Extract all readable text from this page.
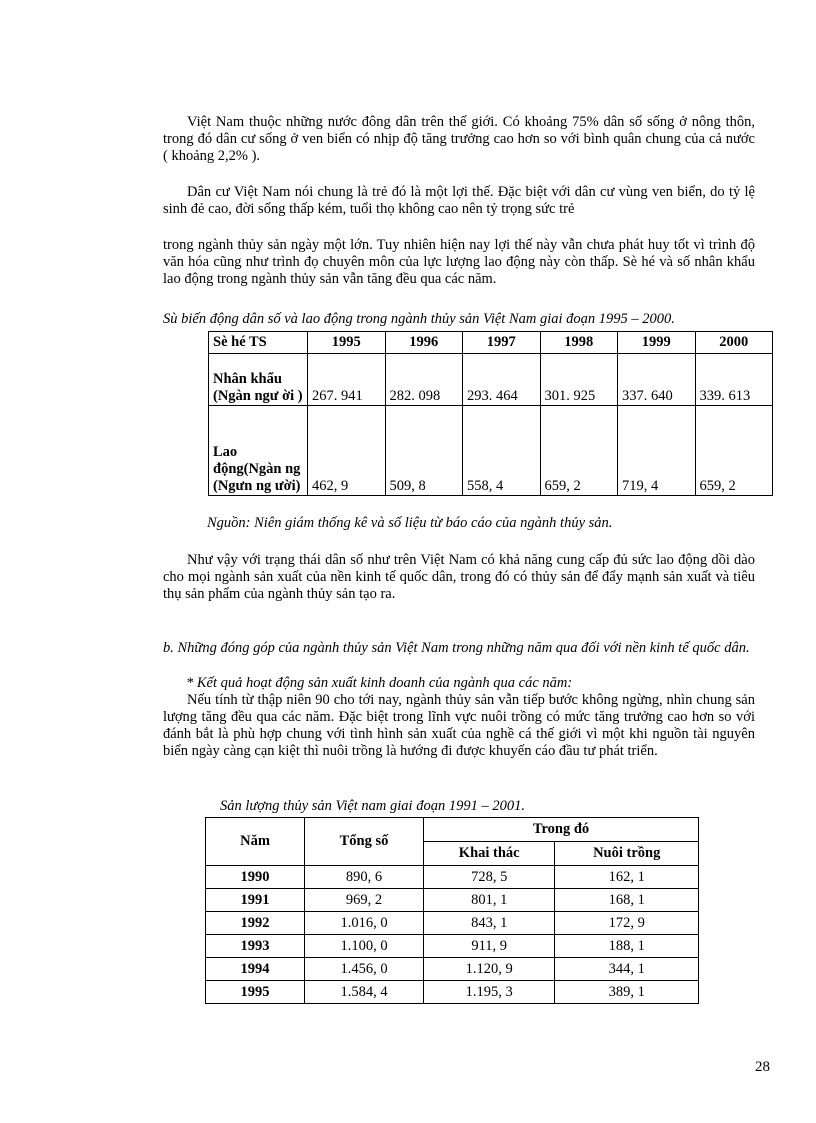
Việt Nam thuộc những nước đông dân trên thế giới. Có khoảng 75% dân số sống ở nông thôn, trong đó dân cư sống ở ven biển có nhịp độ tăng trưởng cao hơn so với bình quân chung của cả nước ( khoảng 2,2% ).
Dân cư Việt Nam nói chung là trẻ đó là một lợi thế. Đặc biệt với dân cư vùng ven biển, do tỷ lệ sinh đẻ cao, đời sống thấp kém, tuổi thọ không cao nên tỷ trọng sức trẻ
trong ngành thủy sản ngày một lớn. Tuy nhiên hiện nay lợi thế này vẫn chưa phát huy tốt vì trình độ văn hóa cũng như trình đọ chuyên môn của lực lượng lao động này còn thấp. Sè hé và số nhân khẩu lao động trong ngành thủy sản vẫn tăng đều qua các năm.
Sù biến động dân số và lao động trong ngành thủy sản Việt Nam giai đoạn 1995 – 2000.
Sè hé TS	1995	1996	1997	1998	1999	2000
Nhân khẩu (Ngàn ngư ời )	267. 941	282. 098	293. 464	301. 925	337. 640	339. 613
Lao động(Ngàn ng (Ngưn ng ười)	462, 9	509, 8	558, 4	659, 2	719, 4	659, 2
Nguồn: Niên giám thống kê và số liệu từ báo cáo của ngành thủy sản.
Như vậy với trạng thái dân số như trên Việt Nam có khả năng cung cấp đủ sức lao động dồi dào cho mọi ngành sản xuất của nền kinh tế quốc dân, trong đó có thủy sản để đẩy mạnh sản xuất và tiêu thụ sản phẩm của ngành thủy sản tạo ra.
b. Những đóng góp của ngành thủy sản Việt Nam trong những năm qua đối với nền kinh tế quốc dân.
* Kết quả hoạt động sản xuất kinh doanh của ngành qua các năm:
Nếu tính từ thập niên 90 cho tới nay, ngành thủy sản vẫn tiếp bước không ngừng, nhìn chung sản lượng tăng đều qua các năm. Đặc biệt trong lĩnh vực nuôi trồng có mức tăng trưởng cao hơn so với đánh bắt là phù hợp chung với tình hình sản xuất của nghề cá thế giới vì một khi nguồn tài nguyên biển ngày càng cạn kiệt thì nuôi trồng là hướng đi được khuyến cáo đầu tư phát triển.
Sản lượng thủy sản Việt nam giai đoạn 1991 – 2001.
Năm	Tổng số	Trong đó	
		Khai thác	Nuôi trồng
1990	890, 6	728, 5	162, 1
1991	969, 2	801, 1	168, 1
1992	1.016, 0	843, 1	172, 9
1993	1.100, 0	911, 9	188, 1
1994	1.456, 0	1.120, 9	344, 1
1995	1.584, 4	1.195, 3	389, 1
28
